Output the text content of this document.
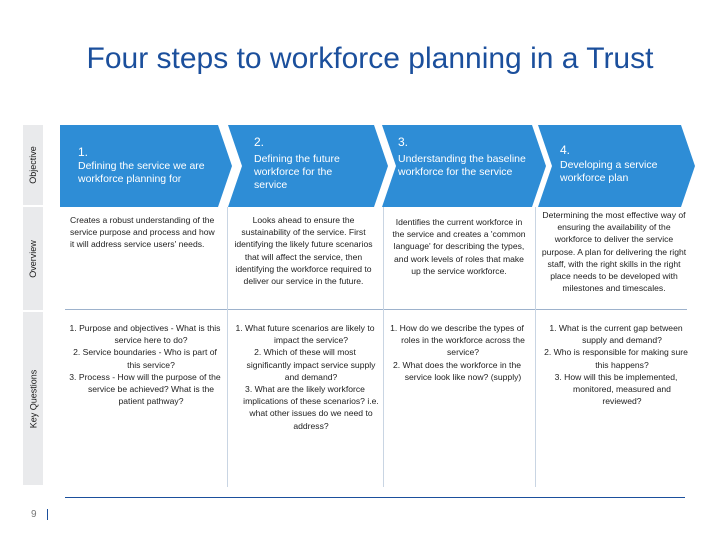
Four steps to workforce planning in a Trust
Objective
Overview
Key Questions
1.
Defining the service we are workforce planning for
2.
Defining the future workforce for the service
3.
Understanding the baseline workforce for the service
4.
Developing a service workforce plan
Creates a robust understanding of the service purpose and process and how it will address service users' needs.
Looks ahead to ensure the sustainability of the service. First identifying the likely future scenarios that will affect the service, then identifying the workforce required to deliver our service in the future.
Identifies the current workforce in the service and creates a 'common language' for describing the types, and work levels of roles that make up the service workforce.
Determining the most effective way of ensuring the availability of the workforce to deliver the service purpose. A plan for delivering the right staff, with the right skills in the right place needs to be developed with milestones and timescales.
1. Purpose and objectives - What is this service here to do?
2. Service boundaries - Who is part of this service?
3. Process - How will the purpose of the service be achieved? What is the patient pathway?
1. What future scenarios are likely to impact the service?
2. Which of these will most significantly impact service supply and demand?
3. What are the likely workforce implications of these scenarios? i.e. what other issues do we need to address?
1. How do we describe the types of roles in the workforce across the service?
2. What does the workforce in the service look like now? (supply)
1. What is the current gap between supply and demand?
2. Who is responsible for making sure this happens?
3. How will this be implemented, monitored, measured and reviewed?
9
